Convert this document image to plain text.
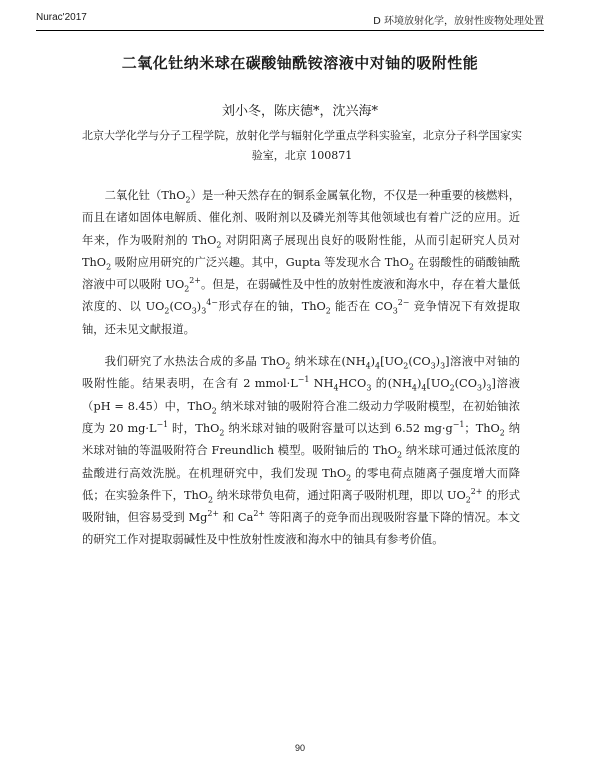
Nurac'2017	D 环境放射化学，放射性废物处理处置
二氧化钍纳米球在碳酸铀酰铵溶液中对铀的吸附性能
刘小冬，陈庆德*，沈兴海*
北京大学化学与分子工程学院，放射化学与辐射化学重点学科实验室，北京分子科学国家实
验室，北京 100871

二氧化钍（ThO$_2$）是一种天然存在的铜系金属氧化物，不仅是一种重要的核燃料，而且在诸如固体电解质、催化剂、吸附剂以及磷光剂等其他领域也有着广泛的应用。近年来，作为吸附剂的 ThO$_2$ 对阴阳离子展现出良好的吸附性能，从而引起研究人员对 ThO$_2$ 吸附应用研究的广泛兴趣。其中，Gupta 等发现水合 ThO$_2$ 在弱酸性的硝酸铀酰溶液中可以吸附 $UO_2^{2+}$。但是，在弱碱性及中性的放射性废液和海水中，存在着大量低浓度的、以 $UO_2(CO_3)_3^{4-}$形式存在的铀，ThO$_2$ 能否在 $CO_3^{2-}$ 竞争情况下有效提取铀，还未见文献报道。

我们研究了水热法合成的多晶 ThO$_2$ 纳米球在$(NH_4)_4[UO_2(CO_3)_3]$溶液中对铀的吸附性能。结果表明，在含有 2 $mmol\cdot L^{-1}$ $NH_4HCO_3$ 的$(NH_4)_4[UO_2(CO_3)_3]$溶液（pH = 8.45）中，ThO$_2$ 纳米球对铀的吸附符合准二级动力学吸附模型，在初始铀浓度为 20 $mg\cdot L^{-1}$ 时，ThO$_2$ 纳米球对铀的吸附容量可以达到 6.52 $mg\cdot g^{-1}$；ThO$_2$ 纳米球对铀的等温吸附符合 Freundlich 模型。吸附铀后的 ThO$_2$ 纳米球可通过低浓度的盐酸进行高效洗脱。在机理研究中，我们发现 ThO$_2$ 的零电荷点随离子强度增大而降低；在实验条件下，ThO$_2$ 纳米球带负电荷，通过阳离子吸附机理，即以 $UO_2^{2+}$ 的形式吸附铀，但容易受到 $Mg^{2+}$ 和 $Ca^{2+}$ 等阳离子的竞争而出现吸附容量下降的情况。本文的研究工作对提取弱碱性及中性放射性废液和海水中的铀具有参考价值。

90
